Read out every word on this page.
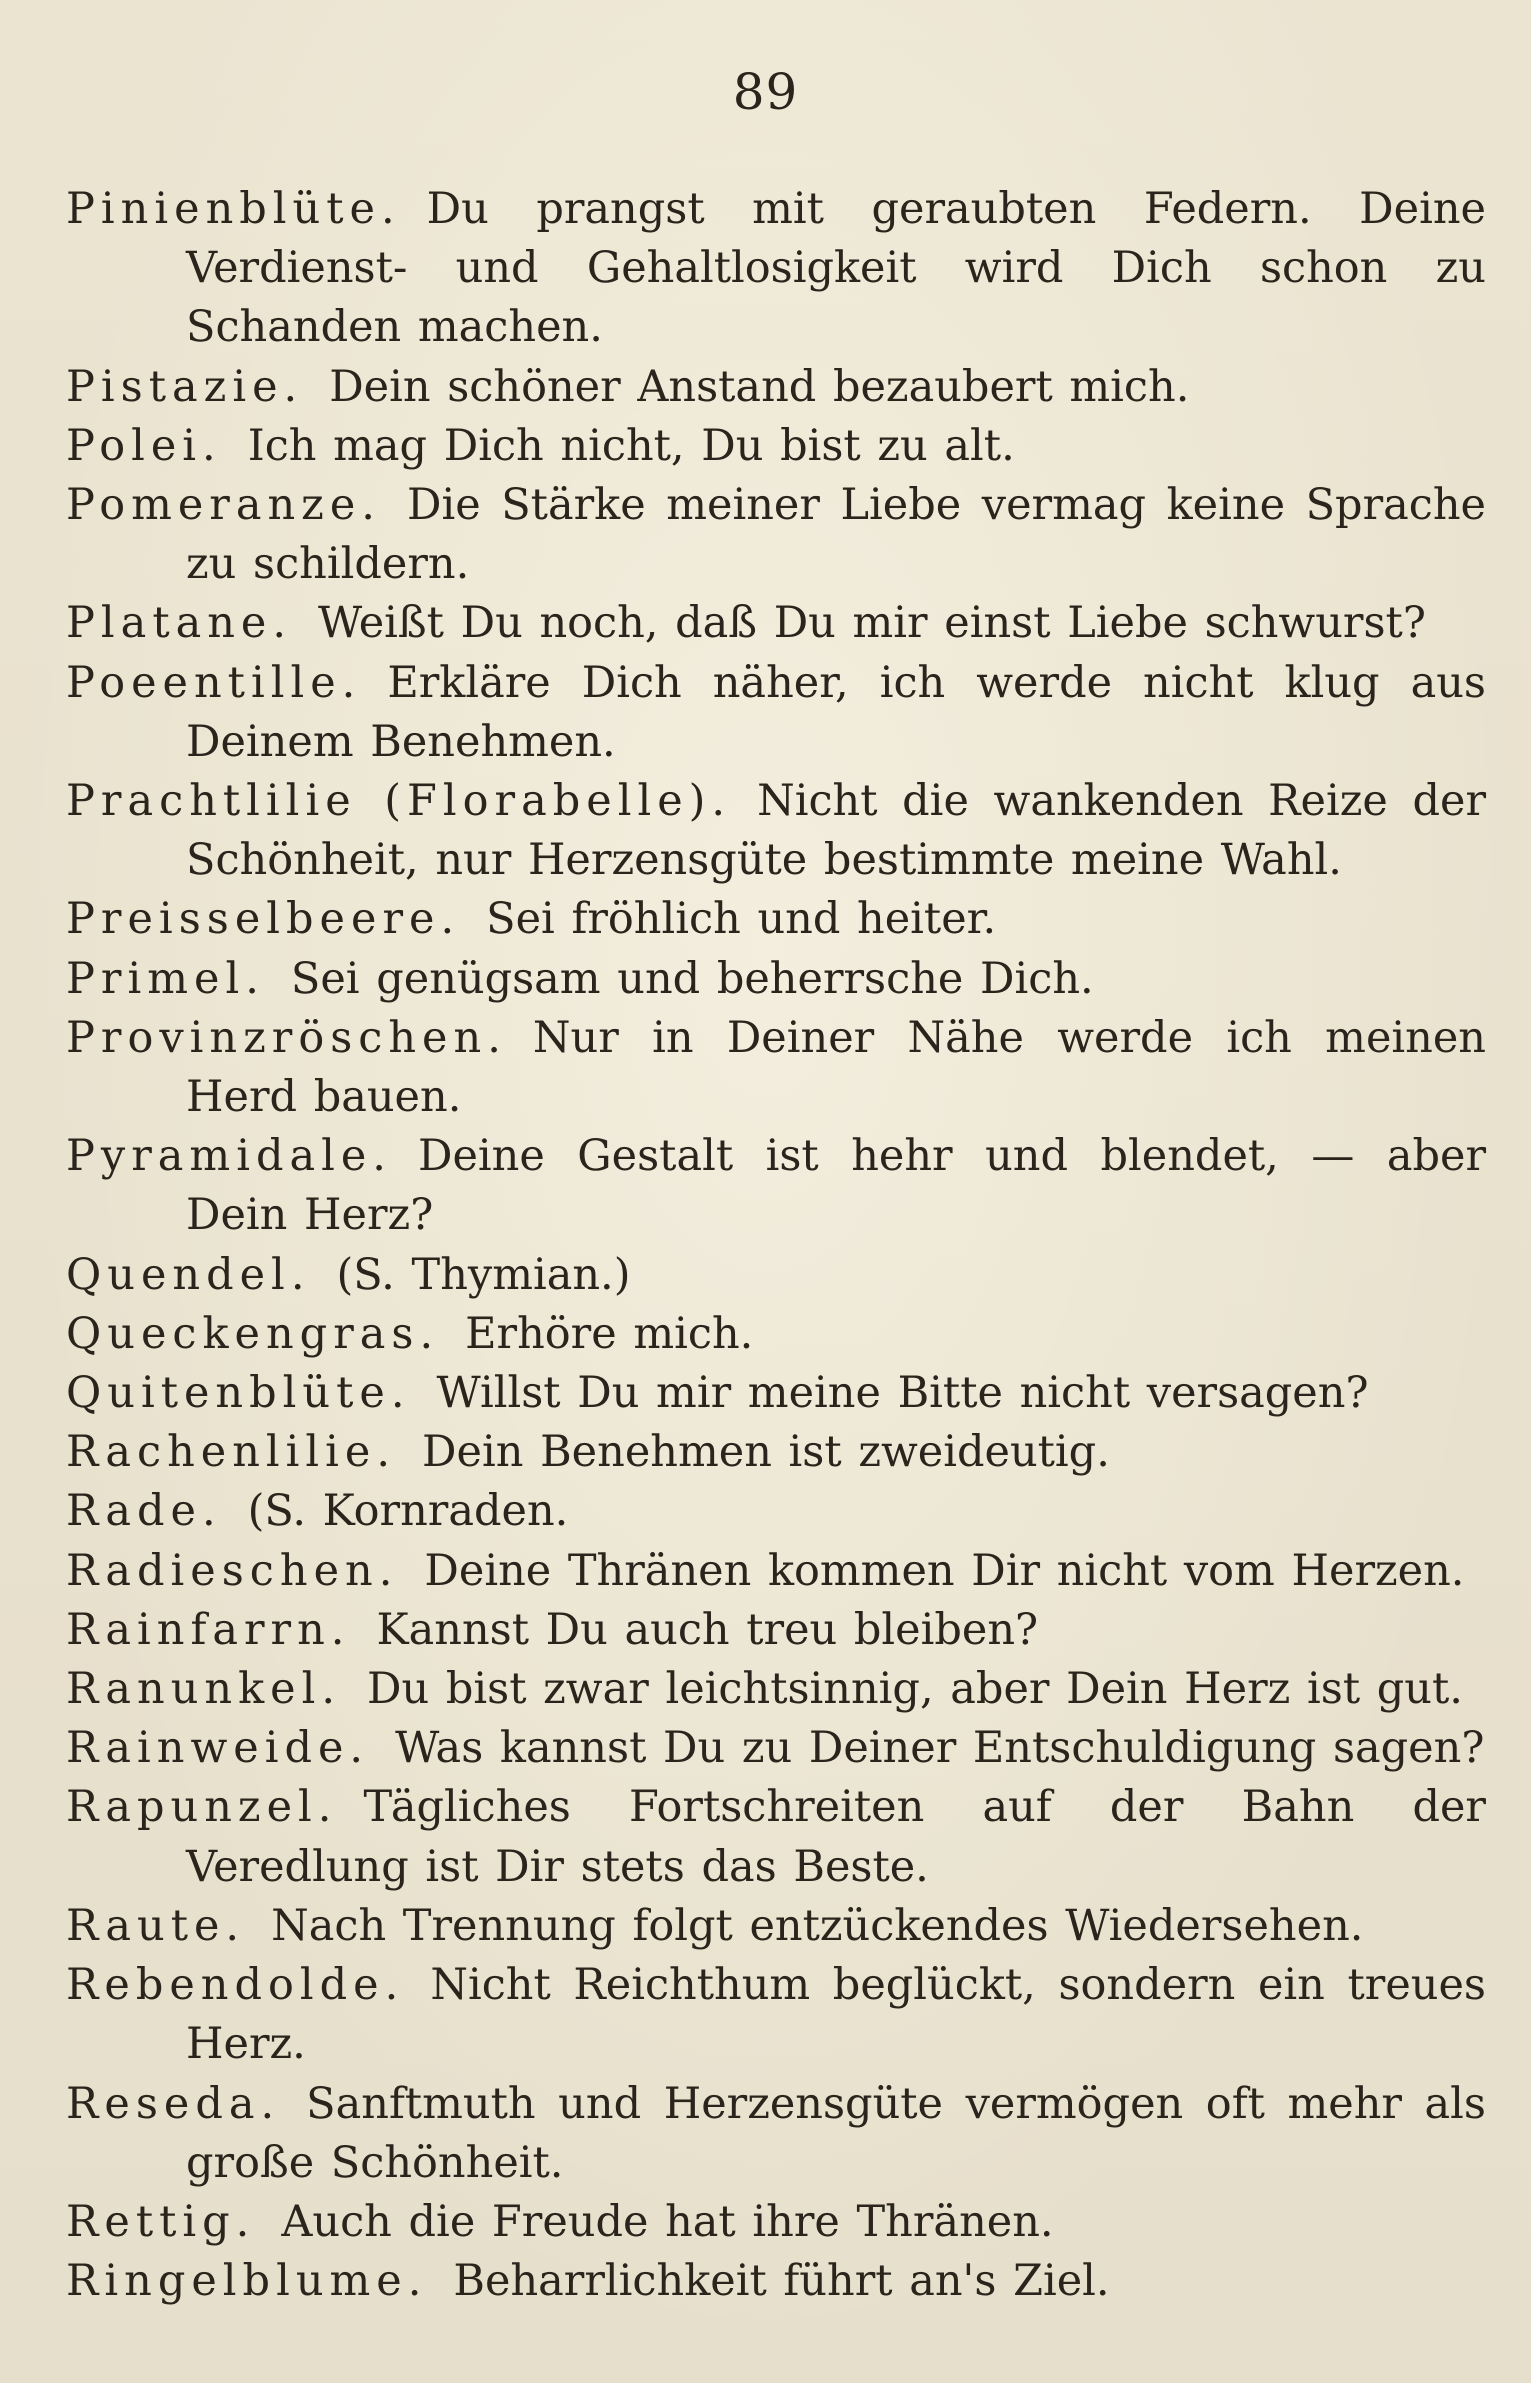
89

Pinienblüte. Du prangst mit geraubten Federn. Deine Verdienst- und Gehaltlosigkeit wird Dich schon zu Schanden machen.

Pistazie. Dein schöner Anstand bezaubert mich.

Polei. Ich mag Dich nicht, Du bist zu alt.

Pomeranze. Die Stärke meiner Liebe vermag keine Sprache zu schildern.

Platane. Weißt Du noch, daß Du mir einst Liebe schwurst?

Poeentille. Erkläre Dich näher, ich werde nicht klug aus Deinem Benehmen.

Prachtlilie (Florabelle). Nicht die wankenden Reize der Schönheit, nur Herzensgüte bestimmte meine Wahl.

Preisselbeere. Sei fröhlich und heiter.

Primel. Sei genügsam und beherrsche Dich.

Provinzröschen. Nur in Deiner Nähe werde ich meinen Herd bauen.

Pyramidale. Deine Gestalt ist hehr und blendet, — aber Dein Herz?

Quendel. (S. Thymian.)

Queckengras. Erhöre mich.

Quitenblüte. Willst Du mir meine Bitte nicht versagen?

Rachenlilie. Dein Benehmen ist zweideutig.

Rade. (S. Kornraden.

Radieschen. Deine Thränen kommen Dir nicht vom Herzen.

Rainfarrn. Kannst Du auch treu bleiben?

Ranunkel. Du bist zwar leichtsinnig, aber Dein Herz ist gut.

Rainweide. Was kannst Du zu Deiner Entschuldigung sagen?

Rapunzel. Tägliches Fortschreiten auf der Bahn der Veredlung ist Dir stets das Beste.

Raute. Nach Trennung folgt entzückendes Wiedersehen.

Rebendolde. Nicht Reichthum beglückt, sondern ein treues Herz.

Reseda. Sanftmuth und Herzensgüte vermögen oft mehr als große Schönheit.

Rettig. Auch die Freude hat ihre Thränen.

Ringelblume. Beharrlichkeit führt an's Ziel.
